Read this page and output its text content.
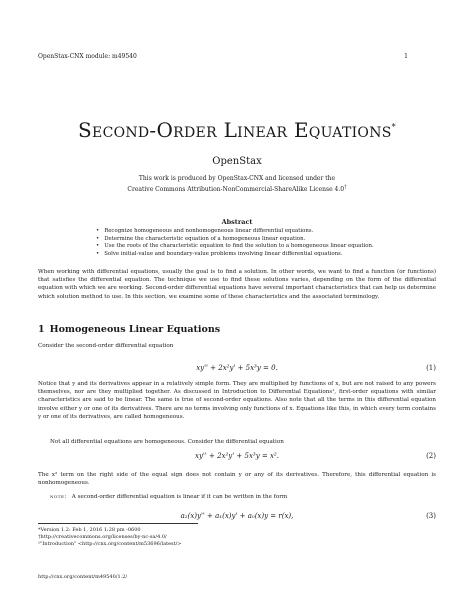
OpenStax-CNX module: m49540	1
Second-Order Linear Equations*
OpenStax
This work is produced by OpenStax-CNX and licensed under the
Creative Commons Attribution-NonCommercial-ShareAlike License 4.0†
Abstract
• Recognize homogeneous and nonhomogeneous linear differential equations.
• Determine the characteristic equation of a homogeneous linear equation.
• Use the roots of the characteristic equation to find the solution to a homogeneous linear equation.
• Solve initial-value and boundary-value problems involving linear differential equations.

When working with differential equations, usually the goal is to find a solution. In other words, we want to find a function (or functions) that satisfies the differential equation. The technique we use to find these solutions varies, depending on the form of the differential equation with which we are working. Second-order differential equations have several important characteristics that can help us determine which solution method to use. In this section, we examine some of these characteristics and the associated terminology.

1 Homogeneous Linear Equations

Consider the second-order differential equation

xy'' + 2x²y' + 5x³y = 0.	(1)

Notice that y and its derivatives appear in a relatively simple form. They are multiplied by functions of x, but are not raised to any powers themselves, nor are they multiplied together. As discussed in Introduction to Differential Equations¹, first-order equations with similar characteristics are said to be linear. The same is true of second-order equations. Also note that all the terms in this differential equation involve either y or one of its derivatives. There are no terms involving only functions of x. Equations like this, in which every term contains y or one of its derivatives, are called homogeneous.

Not all differential equations are homogeneous. Consider the differential equation

xy'' + 2x²y' + 5x³y = x².	(2)

The x² term on the right side of the equal sign does not contain y or any of its derivatives. Therefore, this differential equation is nonhomogeneous.

note: A second-order differential equation is linear if it can be written in the form
a₂(x)y'' + a₁(x)y' + a₀(x)y = r(x),	(3)
*Version 1.2: Feb 1, 2016 1:28 pm -0600
†http://creativecommons.org/licenses/by-nc-sa/4.0/
¹"Introduction" <http://cnx.org/content/m53696/latest/>
http://cnx.org/content/m49540/1.2/
